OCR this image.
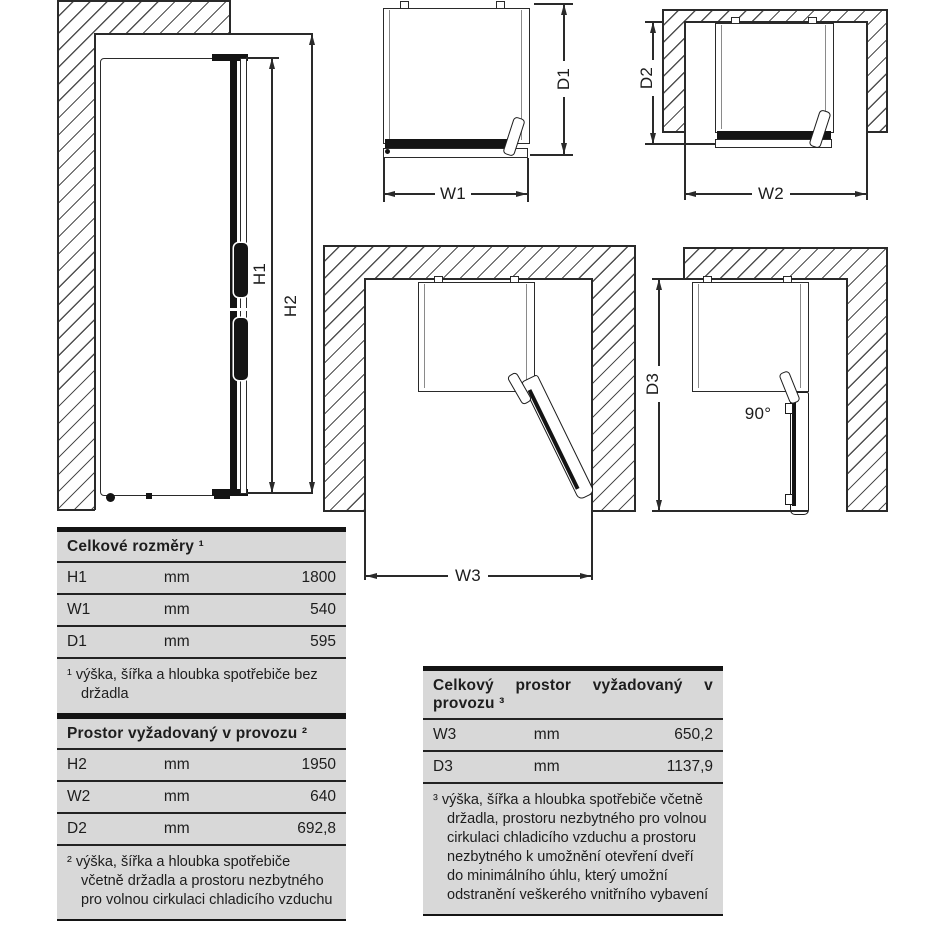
H1
H2
W1
D1	D2
W2
W3
90°
D3
Celkové rozměry ¹
H1	mm	1800
W1	mm	540
D1	mm	595
¹ výška, šířka a hloubka spotřebiče bez držadla
Prostor vyžadovaný v provozu ²
H2	mm	1950
W2	mm	640
D2	mm	692,8
² výška, šířka a hloubka spotřebiče včetně držadla a prostoru nezbytného pro volnou cirkulaci chladicího vzduchu
Celkový prostor vyžadovaný v provozu ³
W3	mm	650,2
D3	mm	1137,9
³ výška, šířka a hloubka spotřebiče včetně držadla, prostoru nezbytného pro volnou cirkulaci chladicího vzduchu a prostoru nezbytného k umožnění otevření dveří do minimálního úhlu, který umožní odstranění veškerého vnitřního vybavení
